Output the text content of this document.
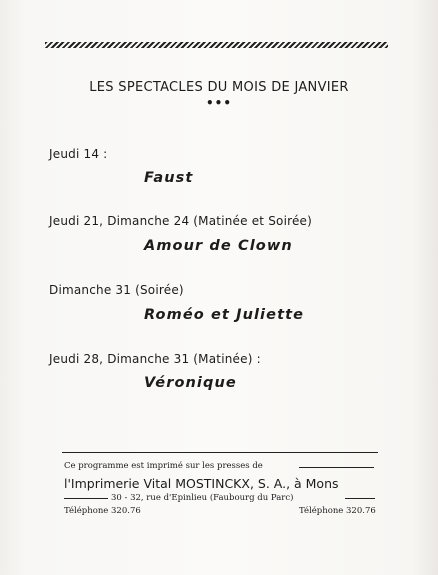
LES SPECTACLES DU MOIS DE JANVIER
•••
Jeudi 14 :
Faust
Jeudi 21, Dimanche 24 (Matinée et Soirée)
Amour de Clown
Dimanche 31 (Soirée)
Roméo et Juliette
Jeudi 28, Dimanche 31 (Matinée) :
Véronique
Ce programme est imprimé sur les presses de
l'Imprimerie Vital MOSTINCKX, S. A., à Mons
30 - 32, rue d'Epinlieu (Faubourg du Parc)
Téléphone 320.76	Téléphone 320.76
